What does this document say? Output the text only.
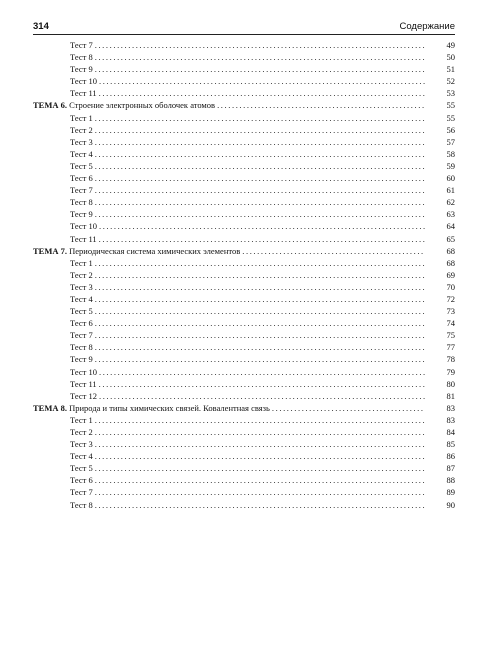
314	Содержание
Тест 7 .....	49
Тест 8 .....	50
Тест 9 .....	51
Тест 10 .....	52
Тест 11 .....	53
ТЕМА 6. Строение электронных оболочек атомов .....	55
Тест 1 .....	55
Тест 2 .....	56
Тест 3 .....	57
Тест 4 .....	58
Тест 5 .....	59
Тест 6 .....	60
Тест 7 .....	61
Тест 8 .....	62
Тест 9 .....	63
Тест 10 .....	64
Тест 11 .....	65
ТЕМА 7. Периодическая система химических элементов .....	68
Тест 1 .....	68
Тест 2 .....	69
Тест 3 .....	70
Тест 4 .....	72
Тест 5 .....	73
Тест 6 .....	74
Тест 7 .....	75
Тест 8 .....	77
Тест 9 .....	78
Тест 10 .....	79
Тест 11 .....	80
Тест 12 .....	81
ТЕМА 8. Природа и типы химических связей. Ковалентная связь .....	83
Тест 1 .....	83
Тест 2 .....	84
Тест 3 .....	85
Тест 4 .....	86
Тест 5 .....	87
Тест 6 .....	88
Тест 7 .....	89
Тест 8 .....	90
